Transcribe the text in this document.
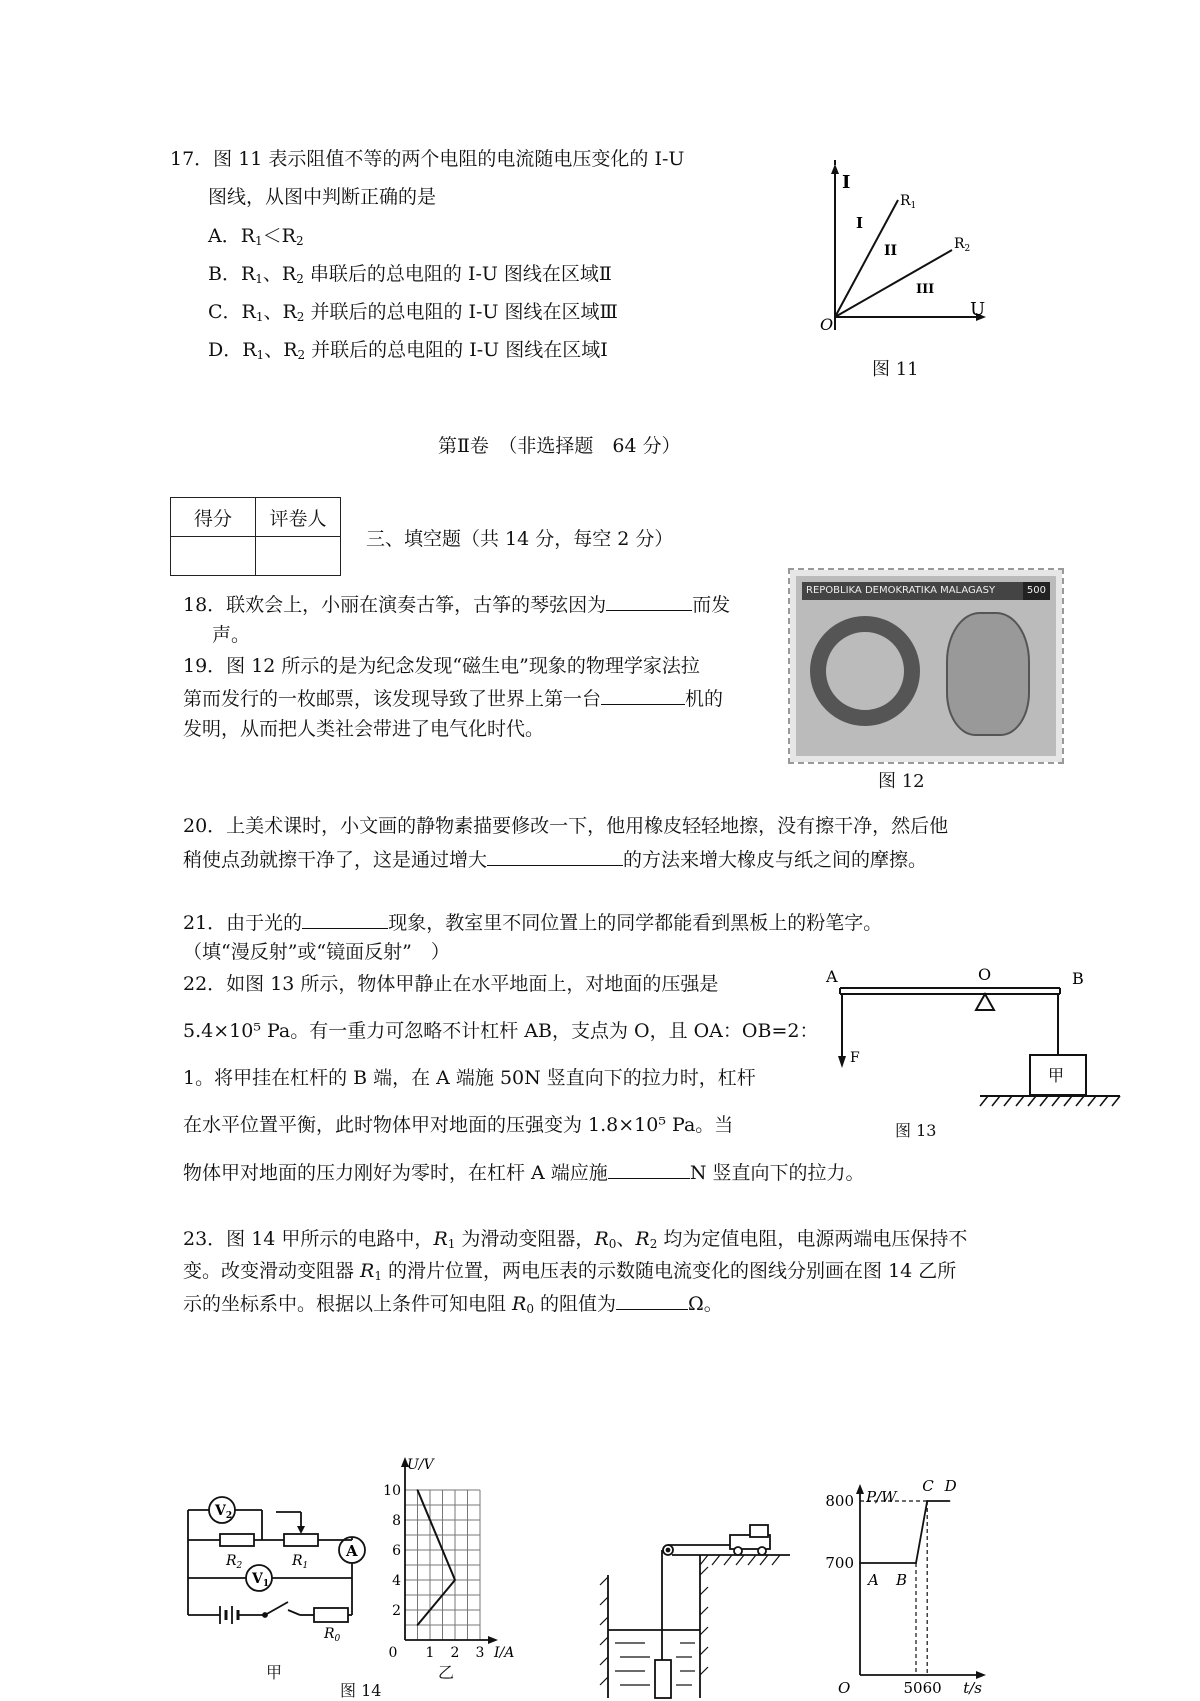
17．图 11 表示阻值不等的两个电阻的电流随电压变化的 I-U
图线，从图中判断正确的是
A．$R_1<R_2$
B．$R_1$、$R_2$ 串联后的总电阻的 I-U 图线在区域Ⅱ
C．$R_1$、$R_2$ 并联后的总电阻的 I-U 图线在区域Ⅲ
D．$R_1$、$R_2$ 并联后的总电阻的 I-U 图线在区域Ⅰ
I
U
O
$R_1$
$R_2$
I
II
III
图 11
第Ⅱ卷　（非选择题　64 分）
得分	评卷人

三、填空题（共 14 分，每空 2 分）
18．联欢会上，小丽在演奏古筝，古筝的琴弦因为	而发
声。
19．图 12 所示的是为纪念发现“磁生电”现象的物理学家法拉
第而发行的一枚邮票，该发现导致了世界上第一台	机的
发明，从而把人类社会带进了电气化时代。
REPOBLIKA DEMOKRATIKA MALAGASY	500
图 12
20．上美术课时，小文画的静物素描要修改一下，他用橡皮轻轻地擦，没有擦干净，然后他
稍使点劲就擦干净了，这是通过增大	的方法来增大橡皮与纸之间的摩擦。
21．由于光的	现象，教室里不同位置上的同学都能看到黑板上的粉笔字。
（填“漫反射”或“镜面反射”　）
22．如图 13 所示，物体甲静止在水平地面上，对地面的压强是
5.4×10⁵ Pa。有一重力可忽略不计杠杆 AB，支点为 O，且 OA：OB=2：
1。将甲挂在杠杆的 B 端，在 A 端施 50N 竖直向下的拉力时，杠杆
在水平位置平衡，此时物体甲对地面的压强变为 1.8×10⁵ Pa。当
物体甲对地面的压力刚好为零时，在杠杆 A 端应施	N 竖直向下的拉力。
A	O	B
F
甲
图 13
23．图 14 甲所示的电路中，$R_1$ 为滑动变阻器，$R_0$、$R_2$ 均为定值电阻，电源两端电压保持不
变。改变滑动变阻器 $R_1$ 的滑片位置，两电压表的示数随电流变化的图线分别画在图 14 乙所
示的坐标系中。根据以上条件可知电阻 $R_0$ 的阻值为	Ω。
$V_2$
$V_1$
A
$R_2$	$R_1$
$R_0$
甲
2
4
6
8
10
1 2 3
0
U/V
I/A
乙
图 14
800
700
50 60
O
P/W
t/s
A B
C D
